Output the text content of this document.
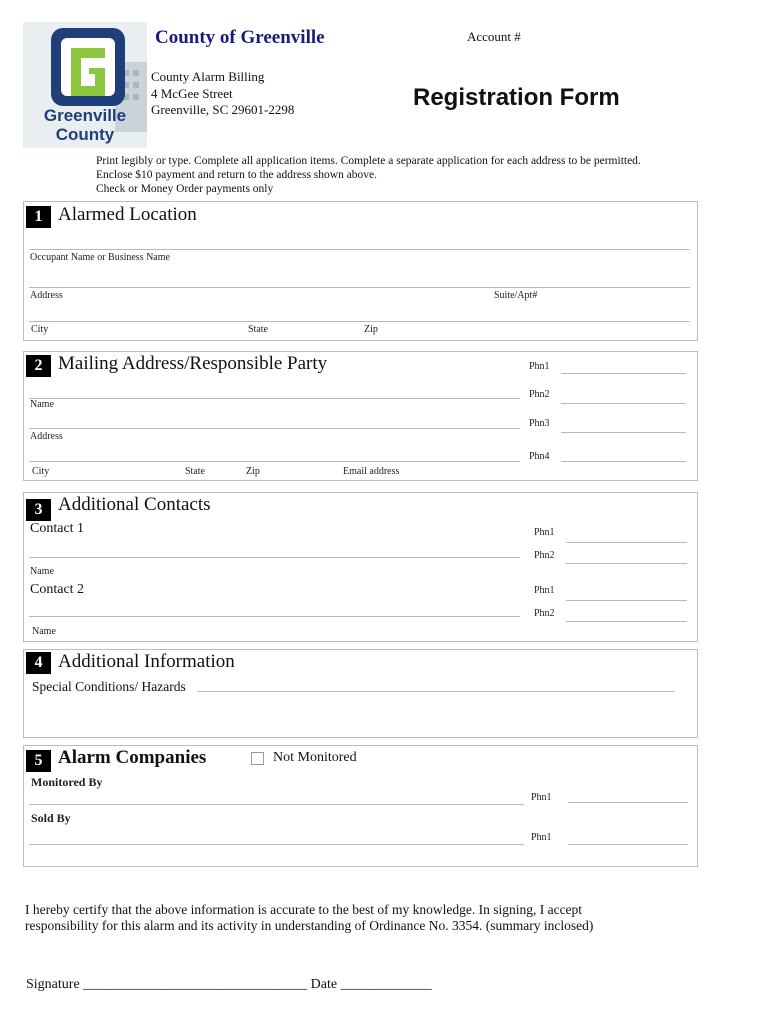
Greenville
County
County of Greenville	Account #
County Alarm Billing
4 McGee Street
Greenville, SC 29601-2298	Registration Form
Print legibly or type. Complete all application items. Complete a separate application for each address to be permitted.
Enclose $10 payment and return to the address shown above.
Check or Money Order payments only
1 Alarmed Location
Occupant Name or Business Name
Address	Suite/Apt#
City	State	Zip
2 Mailing Address/Responsible Party	Phn1
Phn2
Phn3
Phn4
Name
Address
City	State	Zip	Email address
3 Additional Contacts
Contact 1	Phn1
Phn2
Name
Contact 2	Phn1
Phn2
Name
4 Additional Information
Special Conditions/ Hazards
5 Alarm Companies	Not Monitored
Monitored By
Phn1
Sold By
Phn1
I hereby certify that the above information is accurate to the best of my knowledge. In signing, I accept
responsibility for this alarm and its activity in understanding of Ordinance No. 3354. (summary inclosed)
Signature ________________________________ Date _____________
